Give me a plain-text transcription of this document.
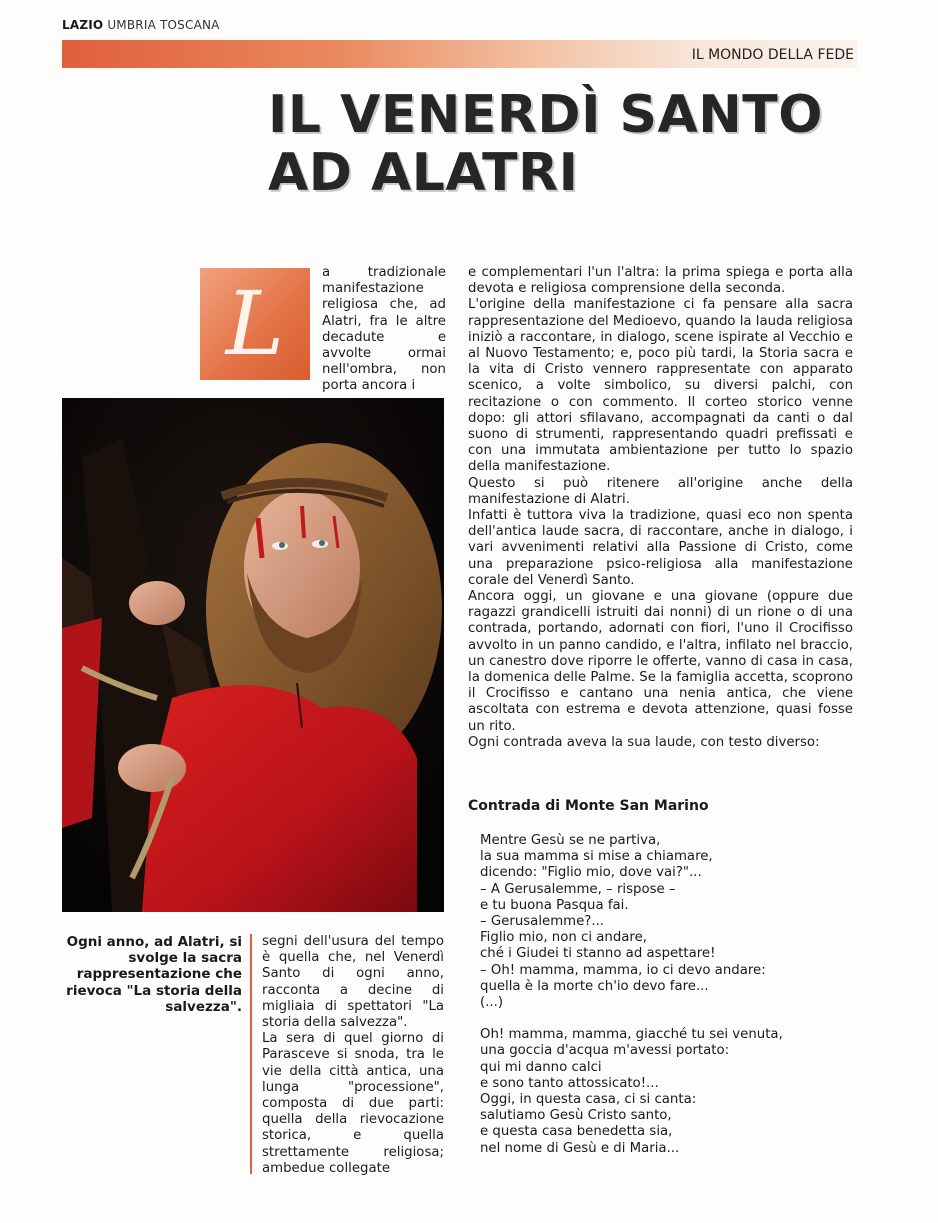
LAZIO UMBRIA TOSCANA
IL MONDO DELLA FEDE
IL VENERDÌ SANTO
AD ALATRI
L	a tradizionale manifestazione religiosa che, ad Alatri, fra le altre decadute e avvolte ormai nell'ombra, non porta ancora i

Ogni anno, ad Alatri, si svolge la sacra rappresentazione che rievoca "La storia della salvezza".

segni dell'usura del tempo è quella che, nel Venerdì Santo di ogni anno, racconta a decine di migliaia di spettatori "La storia della salvezza".

La sera di quel giorno di Parasceve si snoda, tra le vie della città antica, una lunga "processione", composta di due parti: quella della rievocazione storica, e quella strettamente religiosa; ambedue collegate

e complementari l'un l'altra: la prima spiega e porta alla devota e religiosa comprensione della seconda.

L'origine della manifestazione ci fa pensare alla sacra rappresentazione del Medioevo, quando la lauda religiosa iniziò a raccontare, in dialogo, scene ispirate al Vecchio e al Nuovo Testamento; e, poco più tardi, la Storia sacra e la vita di Cristo vennero rappresentate con apparato scenico, a volte simbolico, su diversi palchi, con recitazione o con commento. Il corteo storico venne dopo: gli attori sfilavano, accompagnati da canti o dal suono di strumenti, rappresentando quadri prefissati e con una immutata ambientazione per tutto lo spazio della manifestazione.

Questo si può ritenere all'origine anche della manifestazione di Alatri.

Infatti è tuttora viva la tradizione, quasi eco non spenta dell'antica laude sacra, di raccontare, anche in dialogo, i vari avvenimenti relativi alla Passione di Cristo, come una preparazione psico-religiosa alla manifestazione corale del Venerdì Santo.

Ancora oggi, un giovane e una giovane (oppure due ragazzi grandicelli istruiti dai nonni) di un rione o di una contrada, portando, adornati con fiori, l'uno il Crocifisso avvolto in un panno candido, e l'altra, infilato nel braccio, un canestro dove riporre le offerte, vanno di casa in casa, la domenica delle Palme. Se la famiglia accetta, scoprono il Crocifisso e cantano una nenia antica, che viene ascoltata con estrema e devota attenzione, quasi fosse un rito.

Ogni contrada aveva la sua laude, con testo diverso:

Contrada di Monte San Marino
Mentre Gesù se ne partiva,
la sua mamma si mise a chiamare,
dicendo: "Figlio mio, dove vai?"...
– A Gerusalemme, – rispose –
e tu buona Pasqua fai.
– Gerusalemme?...
Figlio mio, non ci andare,
ché i Giudei ti stanno ad aspettare!
– Oh! mamma, mamma, io ci devo andare:
quella è la morte ch'io devo fare...
(...)
Oh! mamma, mamma, giacché tu sei venuta,
una goccia d'acqua m'avessi portato:
qui mi danno calci
e sono tanto attossicato!...
Oggi, in questa casa, ci si canta:
salutiamo Gesù Cristo santo,
e questa casa benedetta sia,
nel nome di Gesù e di Maria...
